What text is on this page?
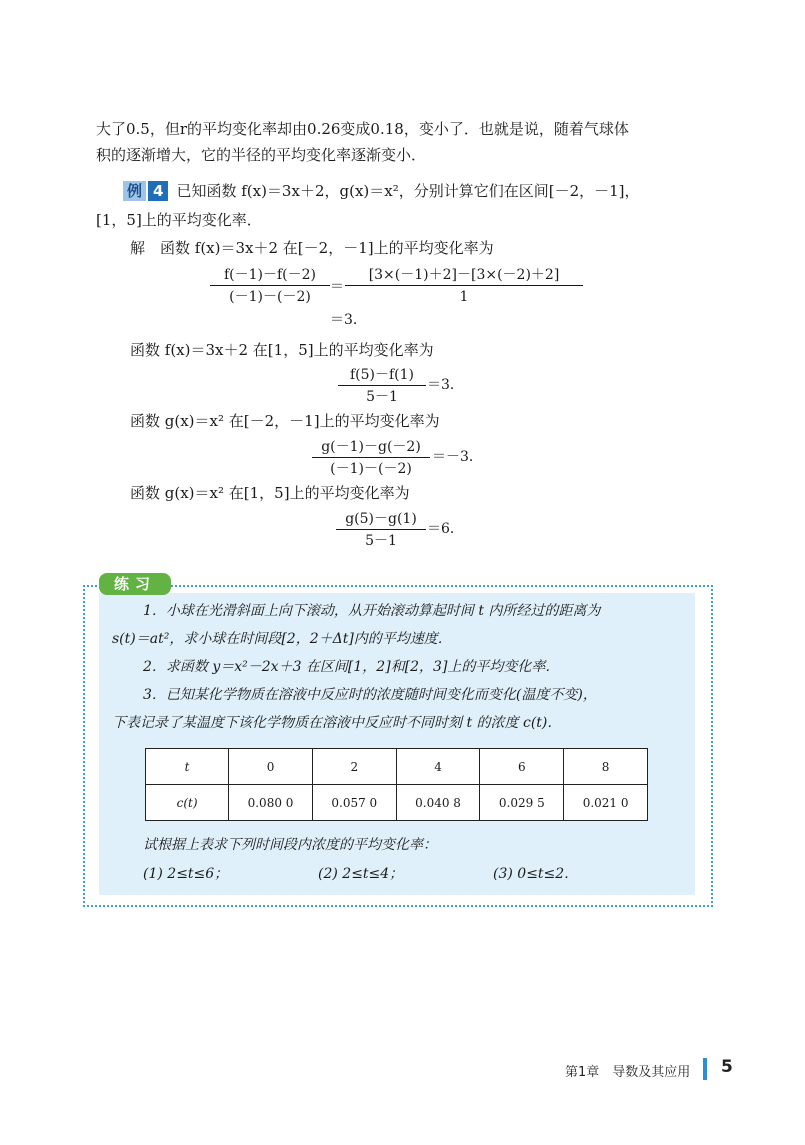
大了0.5，但r的平均变化率却由0.26变成0.18，变小了．也就是说，随着气球体
积的逐渐增大，它的半径的平均变化率逐渐变小．
例 4 已知函数 f(x)＝3x＋2，g(x)＝x²，分别计算它们在区间[－2，－1]，
[1，5]上的平均变化率．
解　函数 f(x)＝3x＋2 在[－2，－1]上的平均变化率为
f(－1)－f(－2)
(－1)－(－2)
＝
[3×(－1)＋2]－[3×(－2)＋2]
1
＝3．
函数 f(x)＝3x＋2 在[1，5]上的平均变化率为
f(5)－f(1)
5－1
＝3．
函数 g(x)＝x² 在[－2，－1]上的平均变化率为
g(－1)－g(－2)
(－1)－(－2)
＝－3．
函数 g(x)＝x² 在[1，5]上的平均变化率为
g(5)－g(1)
5－1
＝6．
练习
1．小球在光滑斜面上向下滚动，从开始滚动算起时间 t 内所经过的距离为
s(t)＝at²，求小球在时间段[2，2＋Δt]内的平均速度．
2．求函数 y＝x²－2x＋3 在区间[1，2]和[2，3]上的平均变化率．
3．已知某化学物质在溶液中反应时的浓度随时间变化而变化(温度不变)，
下表记录了某温度下该化学物质在溶液中反应时不同时刻 t 的浓度 c(t)．
t	0	2	4	6	8
c(t)	0.080 0	0.057 0	0.040 8	0.029 5	0.021 0
试根据上表求下列时间段内浓度的平均变化率：
(1) 2≤t≤6；	(2) 2≤t≤4；	(3) 0≤t≤2．
第1章　导数及其应用 5
